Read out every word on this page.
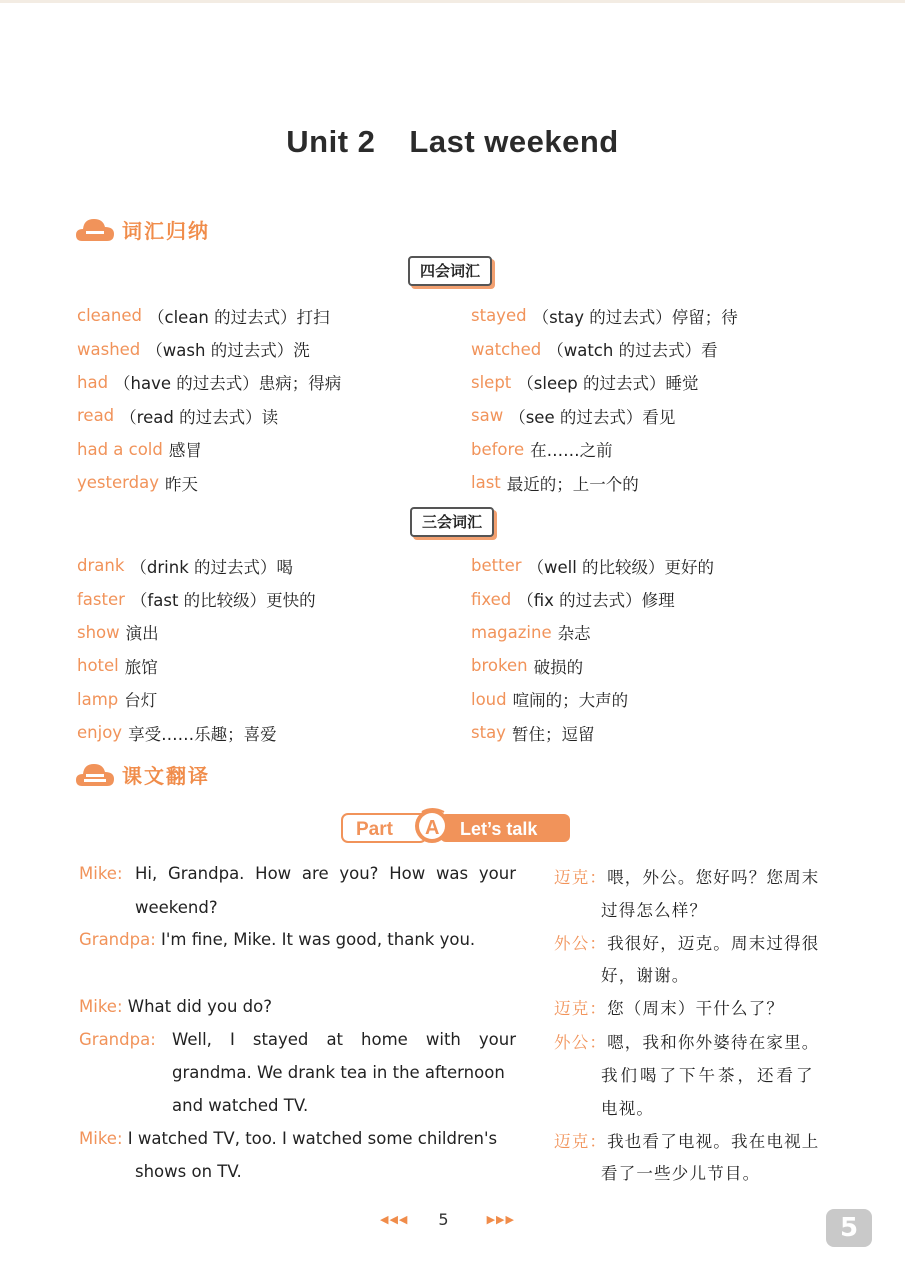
Unit 2 Last weekend
词汇归纳
四会词汇
cleaned （clean 的过去式）打扫
washed （wash 的过去式）洗
had （have 的过去式）患病；得病
read （read 的过去式）读
had a cold 感冒
yesterday 昨天
stayed （stay 的过去式）停留；待
watched （watch 的过去式）看
slept （sleep 的过去式）睡觉
saw （see 的过去式）看见
before 在……之前
last 最近的；上一个的
三会词汇
drank （drink 的过去式）喝
faster （fast 的比较级）更快的
show 演出
hotel 旅馆
lamp 台灯
enjoy 享受……乐趣；喜爱
better （well 的比较级）更好的
fixed （fix 的过去式）修理
magazine 杂志
broken 破损的
loud 喧闹的；大声的
stay 暂住；逗留
课文翻译
Part A Let’s talk
Mike: Hi, Grandpa. How are you? How was your
weekend?
Grandpa: I'm fine, Mike. It was good, thank you.
Mike: What did you do?
Grandpa: Well, I stayed at home with your
grandma. We drank tea in the afternoon
and watched TV.
Mike: I watched TV, too. I watched some children's
shows on TV.
迈克：喂，外公。您好吗？您周末
过得怎么样？
外公：我很好，迈克。周末过得很
好，谢谢。
迈克：您（周末）干什么了？
外公：嗯，我和你外婆待在家里。
我们喝了下午茶，还看了
电视。
迈克：我也看了电视。我在电视上
看了一些少儿节目。
◀◀◀ 5	▶▶▶	5
